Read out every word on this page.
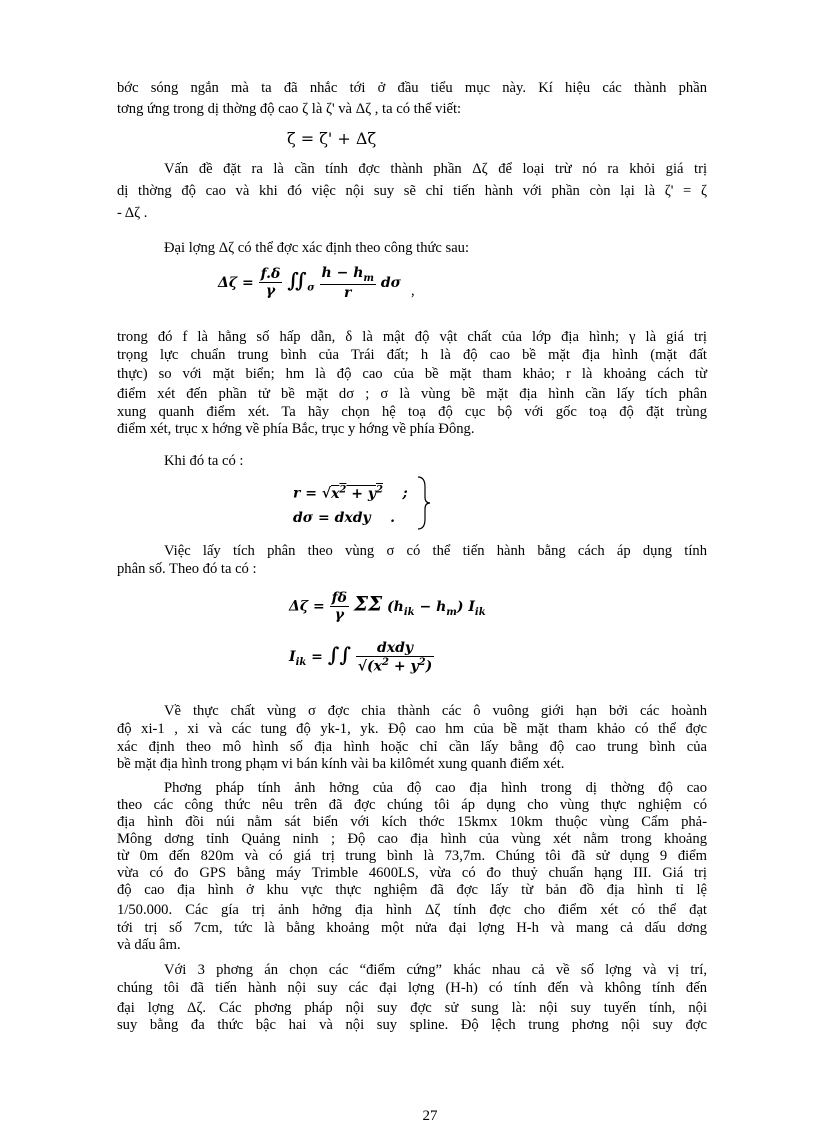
bớc sóng ngắn mà ta đã nhắc tới ở đầu tiểu mục này. Kí hiệu các thành phần
tơng ứng trong dị thờng độ cao ζ là ζ' và Δζ , ta có thể viết:
ζ = ζ' + Δζ
Vấn đề đặt ra là cần tính đợc thành phần Δζ để loại trừ nó ra khỏi giá trị
dị thờng độ cao và khi đó việc nội suy sẽ chỉ tiến hành với phần còn lại là ζ' = ζ
- Δζ .
Đại lợng Δζ có thể đợc xác định theo công thức sau:
$\Delta\zeta = \frac{f.\delta}{\gamma}$ $∬_\sigma \frac{h - h_m}{r}$ dσ
,
trong đó f là hằng số hấp dẫn, δ là mật độ vật chất của lớp địa hình; γ là giá trị
trọng lực chuẩn trung bình của Trái đất; h là độ cao bề mặt địa hình (mặt đất
thực) so với mặt biển; hm là độ cao của bề mặt tham khảo; r là khoảng cách từ
điểm xét đến phần tử bề mặt dσ ; σ là vùng bề mặt địa hình cần lấy tích phân
xung quanh điểm xét. Ta hãy chọn hệ toạ độ cục bộ với gốc toạ độ đặt trùng
điểm xét, trục x hớng về phía Bắc, trục y hớng về phía Đông.
Khi đó ta có :
$r = √x^2 + y^2$    ;
dσ = dxdy    .
Việc lấy tích phân theo vùng σ có thể tiến hành bằng cách áp dụng tính
phân số. Theo đó ta có :
$\Delta\zeta = \frac{f\delta}{\gamma}$ ΣΣ $(h_{ik} - h_m)$ $I_{ik}$
$I_{ik}$ = ∫∫ $\frac{\text{dxdy}}{√(x^2 + y^2)}$
Về thực chất vùng σ đợc chia thành các ô vuông giới hạn bởi các hoành
độ xi-1 , xi và các tung độ yk-1, yk. Độ cao hm của bề mặt tham khảo có thể đợc
xác định theo mô hình số địa hình hoặc chỉ cần lấy bằng độ cao trung bình của
bề mặt địa hình trong phạm vi bán kính vài ba kilômét xung quanh điểm xét.
Phơng pháp tính ảnh hởng của độ cao địa hình trong dị thờng độ cao
theo các công thức nêu trên đã đợc chúng tôi áp dụng cho vùng thực nghiệm có
địa hình đồi núi nằm sát biển với kích thớc 15kmx 10km thuộc vùng Cẩm phả-
Mông dơng tỉnh Quảng ninh ; Độ cao địa hình của vùng xét nằm trong khoảng
từ 0m đến 820m và có giá trị trung bình là 73,7m. Chúng tôi đã sử dụng 9 điểm
vừa có đo GPS bằng máy Trimble 4600LS, vừa có đo thuỷ chuẩn hạng III. Giá trị
độ cao địa hình ở khu vực thực nghiệm đã đợc lấy từ bản đồ địa hình tỉ lệ
1/50.000. Các gía trị ảnh hởng địa hình Δζ tính đợc cho điểm xét có thể đạt
tới trị số 7cm, tức là bằng khoảng một nửa đại lợng H-h và mang cả dấu dơng
và dấu âm.
Với 3 phơng án chọn các “điểm cứng” khác nhau cả về số lợng và vị trí,
chúng tôi đã tiến hành nội suy các đại lợng (H-h) có tính đến và không tính đến
đại lợng Δζ. Các phơng pháp nội suy đợc sử sung là: nội suy tuyến tính, nội
suy bằng đa thức bậc hai và nội suy spline. Độ lệch trung phơng nội suy đợc
27
